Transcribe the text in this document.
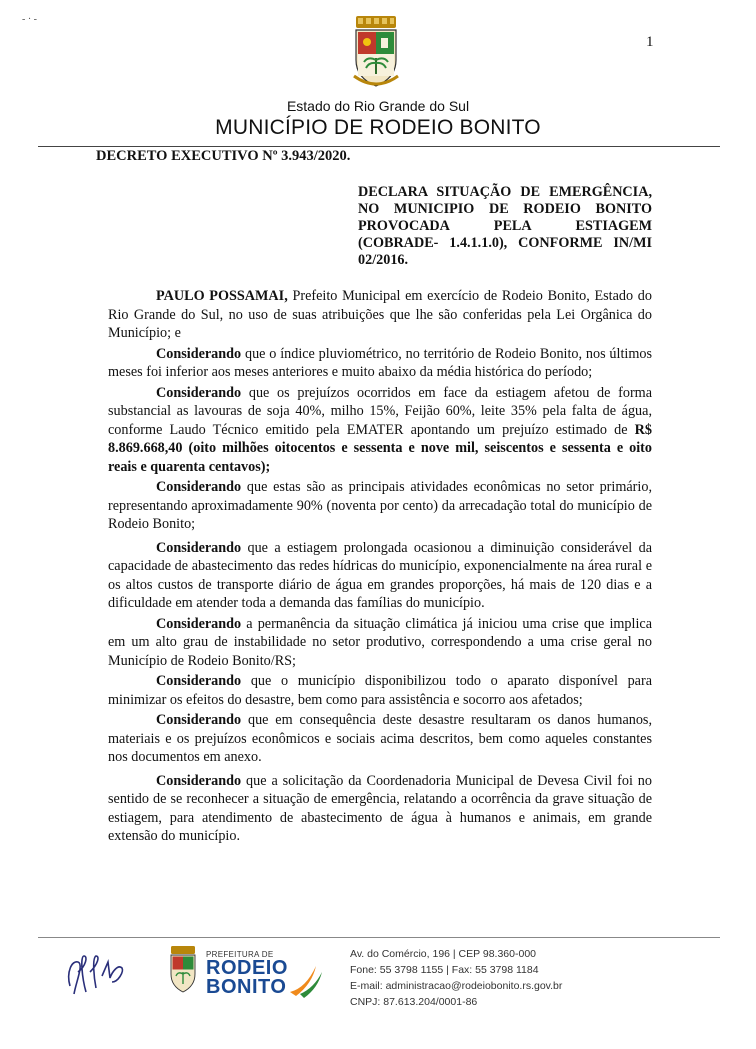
- · -
1
Estado do Rio Grande do Sul
MUNICÍPIO DE RODEIO BONITO
DECRETO EXECUTIVO Nº 3.943/2020.
DECLARA SITUAÇÃO DE EMERGÊNCIA, NO MUNICIPIO DE RODEIO BONITO PROVOCADA PELA ESTIAGEM (COBRADE- 1.4.1.1.0), CONFORME IN/MI 02/2016.

PAULO POSSAMAI, Prefeito Municipal em exercício de Rodeio Bonito, Estado do Rio Grande do Sul, no uso de suas atribuições que lhe são conferidas pela Lei Orgânica do Município; e

Considerando que o índice pluviométrico, no território de Rodeio Bonito, nos últimos meses foi inferior aos meses anteriores e muito abaixo da média histórica do período;

Considerando que os prejuízos ocorridos em face da estiagem afetou de forma substancial as lavouras de soja 40%, milho 15%, Feijão 60%, leite 35% pela falta de água, conforme Laudo Técnico emitido pela EMATER apontando um prejuízo estimado de R$ 8.869.668,40 (oito milhões oitocentos e sessenta e nove mil, seiscentos e sessenta e oito reais e quarenta centavos);

Considerando que estas são as principais atividades econômicas no setor primário, representando aproximadamente 90% (noventa por cento) da arrecadação total do município de Rodeio Bonito;

Considerando que a estiagem prolongada ocasionou a diminuição considerável da capacidade de abastecimento das redes hídricas do município, exponencialmente na área rural e os altos custos de transporte diário de água em grandes proporções, há mais de 120 dias e a dificuldade em atender toda a demanda das famílias do município.

Considerando a permanência da situação climática já iniciou uma crise que implica em um alto grau de instabilidade no setor produtivo, correspondendo a uma crise geral no Município de Rodeio Bonito/RS;

Considerando que o município disponibilizou todo o aparato disponível para minimizar os efeitos do desastre, bem como para assistência e socorro aos afetados;

Considerando que em consequência deste desastre resultaram os danos humanos, materiais e os prejuízos econômicos e sociais acima descritos, bem como aqueles constantes nos documentos em anexo.

Considerando que a solicitação da Coordenadoria Municipal de Devesa Civil foi no sentido de se reconhecer a situação de emergência, relatando a ocorrência da grave situação de estiagem, para atendimento de abastecimento de água à humanos e animais, em grande extensão do município.

PREFEITURA DE
RODEIO
BONITO
Av. do Comércio, 196 | CEP 98.360-000
Fone: 55 3798 1155 | Fax: 55 3798 1184
E-mail: administracao@rodeiobonito.rs.gov.br
CNPJ: 87.613.204/0001-86
